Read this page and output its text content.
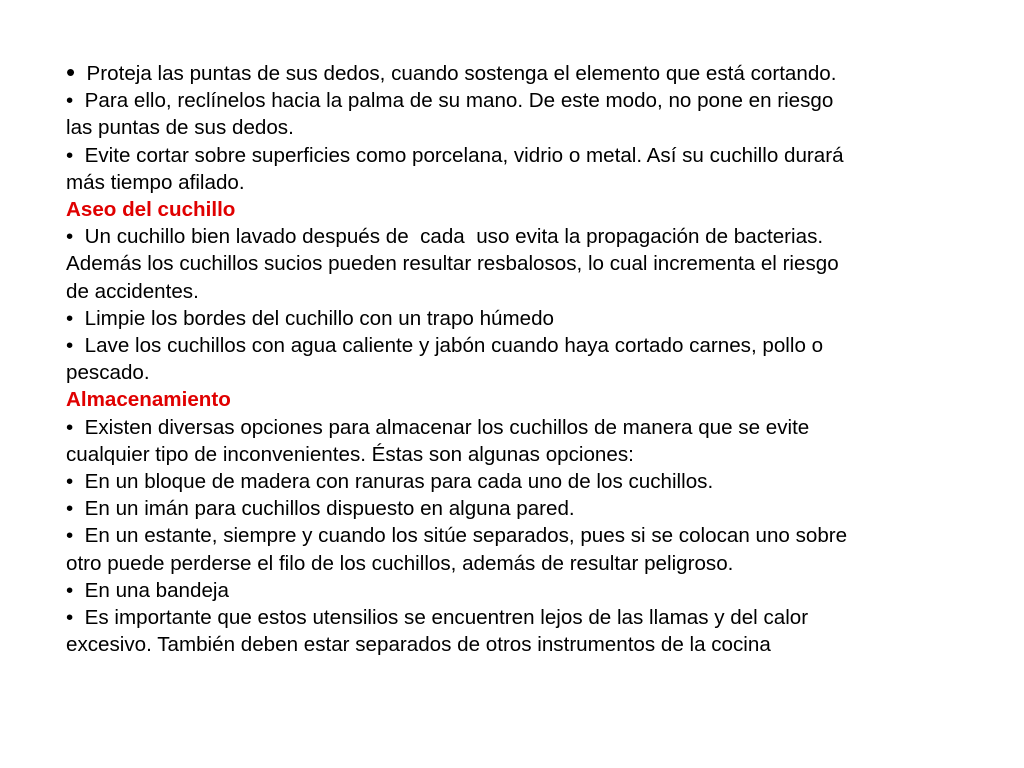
•  Proteja las puntas de sus dedos, cuando sostenga el elemento que está cortando.

•  Para ello, reclínelos hacia la palma de su mano. De este modo, no pone en riesgo

las puntas de sus dedos.

•  Evite cortar sobre superficies como porcelana, vidrio o metal. Así su cuchillo durará

más tiempo afilado.

Aseo del cuchillo

•  Un cuchillo bien lavado después de  cada  uso evita la propagación de bacterias.

Además los cuchillos sucios pueden resultar resbalosos, lo cual incrementa el riesgo

de accidentes.

•  Limpie los bordes del cuchillo con un trapo húmedo

•  Lave los cuchillos con agua caliente y jabón cuando haya cortado carnes, pollo o

pescado.

Almacenamiento

•  Existen diversas opciones para almacenar los cuchillos de manera que se evite

cualquier tipo de inconvenientes. Éstas son algunas opciones:

•  En un bloque de madera con ranuras para cada uno de los cuchillos.

•  En un imán para cuchillos dispuesto en alguna pared.

•  En un estante, siempre y cuando los sitúe separados, pues si se colocan uno sobre

otro puede perderse el filo de los cuchillos, además de resultar peligroso.

•  En una bandeja

•  Es importante que estos utensilios se encuentren lejos de las llamas y del calor

excesivo. También deben estar separados de otros instrumentos de la cocina
